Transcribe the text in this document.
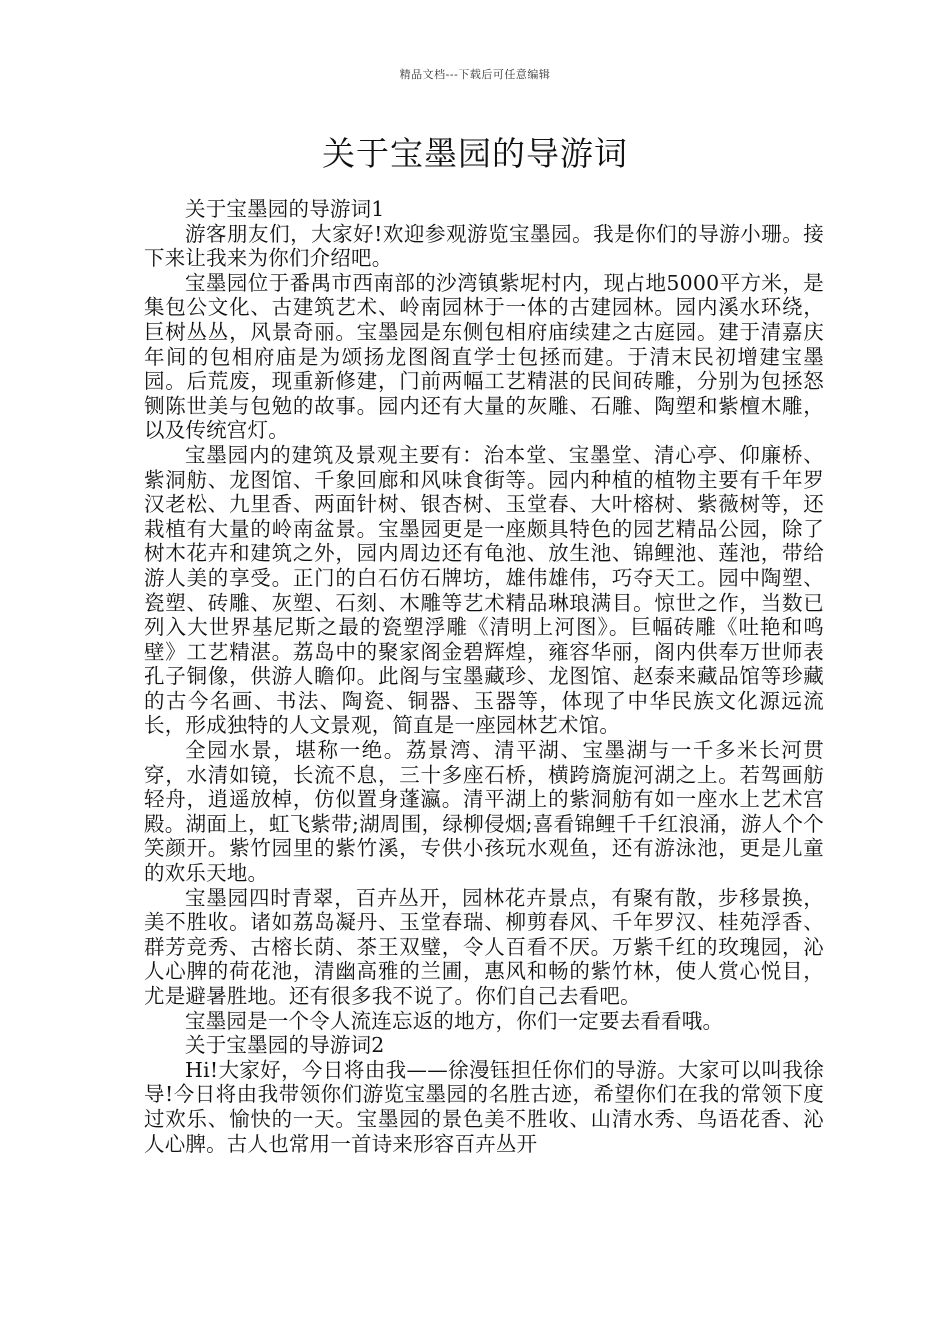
精品文档---下载后可任意编辑
关于宝墨园的导游词

关于宝墨园的导游词1

游客朋友们，大家好!欢迎参观游览宝墨园。我是你们的导游小珊。接下来让我来为你们介绍吧。

宝墨园位于番禺市西南部的沙湾镇紫坭村内，现占地5000平方米，是集包公文化、古建筑艺术、岭南园林于一体的古建园林。园内溪水环绕，巨树丛丛，风景奇丽。宝墨园是东侧包相府庙续建之古庭园。建于清嘉庆年间的包相府庙是为颂扬龙图阁直学士包拯而建。于清末民初增建宝墨园。后荒废，现重新修建，门前两幅工艺精湛的民间砖雕，分别为包拯怒铡陈世美与包勉的故事。园内还有大量的灰雕、石雕、陶塑和紫檀木雕，以及传统宫灯。

宝墨园内的建筑及景观主要有：治本堂、宝墨堂、清心亭、仰廉桥、紫洞舫、龙图馆、千象回廊和风味食街等。园内种植的植物主要有千年罗汉老松、九里香、两面针树、银杏树、玉堂春、大叶榕树、紫薇树等，还栽植有大量的岭南盆景。宝墨园更是一座颇具特色的园艺精品公园，除了树木花卉和建筑之外，园内周边还有龟池、放生池、锦鲤池、莲池，带给游人美的享受。正门的白石仿石牌坊，雄伟雄伟，巧夺天工。园中陶塑、瓷塑、砖雕、灰塑、石刻、木雕等艺术精品琳琅满目。惊世之作，当数已列入大世界基尼斯之最的瓷塑浮雕《清明上河图》。巨幅砖雕《吐艳和鸣壁》工艺精湛。荔岛中的聚家阁金碧辉煌，雍容华丽，阁内供奉万世师表孔子铜像，供游人瞻仰。此阁与宝墨藏珍、龙图馆、赵泰来藏品馆等珍藏的古今名画、书法、陶瓷、铜器、玉器等，体现了中华民族文化源远流长，形成独特的人文景观，简直是一座园林艺术馆。

全园水景，堪称一绝。荔景湾、清平湖、宝墨湖与一千多米长河贯穿，水清如镜，长流不息，三十多座石桥，横跨旖旎河湖之上。若驾画舫轻舟，逍遥放棹，仿似置身蓬瀛。清平湖上的紫洞舫有如一座水上艺术宫殿。湖面上，虹飞紫带;湖周围，绿柳侵烟;喜看锦鲤千千红浪涌，游人个个笑颜开。紫竹园里的紫竹溪，专供小孩玩水观鱼，还有游泳池，更是儿童的欢乐天地。

宝墨园四时青翠，百卉丛开，园林花卉景点，有聚有散，步移景换，美不胜收。诸如荔岛凝丹、玉堂春瑞、柳剪春风、千年罗汉、桂苑浮香、群芳竞秀、古榕长荫、茶王双璧，令人百看不厌。万紫千红的玫瑰园，沁人心脾的荷花池，清幽高雅的兰圃，惠风和畅的紫竹林，使人赏心悦目，尤是避暑胜地。还有很多我不说了。你们自己去看吧。

宝墨园是一个令人流连忘返的地方，你们一定要去看看哦。

关于宝墨园的导游词2

Hi!大家好，今日将由我——徐漫钰担任你们的导游。大家可以叫我徐导!今日将由我带领你们游览宝墨园的名胜古迹，希望你们在我的常领下度过欢乐、愉快的一天。宝墨园的景色美不胜收、山清水秀、鸟语花香、沁人心脾。古人也常用一首诗来形容百卉丛开
